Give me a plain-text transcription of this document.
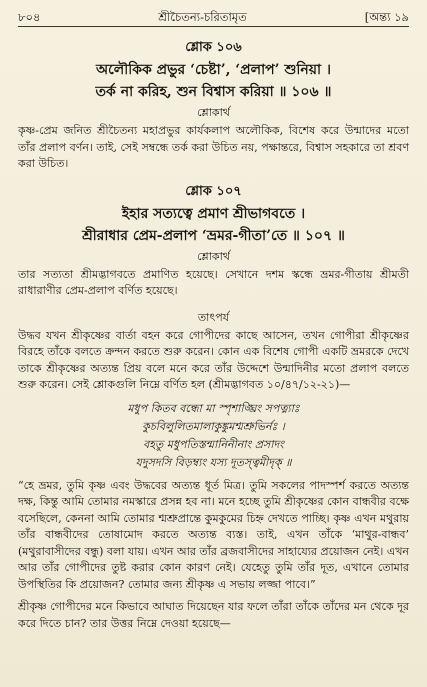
৮০৪	শ্রীচৈতন্য-চরিতামৃত	[অন্ত্য ১৯
শ্লোক ১০৬
অলৌকিক প্রভুর ‘চেষ্টা’, ‘প্রলাপ’ শুনিয়া ।
তর্ক না করিহ, শুন বিশ্বাস করিয়া ॥ ১০৬ ॥
শ্লোকার্থ
কৃষ্ণ-প্রেম জনিত শ্রীচৈতন্য মহাপ্রভুর কার্যকলাপ অলৌকিক, বিশেষ করে উন্মাদের মতো তাঁর প্রলাপ বর্ণন। তাই, সেই সম্বন্ধে তর্ক করা উচিত নয়, পক্ষান্তরে, বিশ্বাস সহকারে তা শ্রবণ করা উচিত।
শ্লোক ১০৭
ইহার সত্যত্বে প্রমাণ শ্রীভাগবতে ।
শ্রীরাধার প্রেম-প্রলাপ ‘ভ্রমর-গীতা’তে ॥ ১০৭ ॥
শ্লোকার্থ
তার সত্যতা শ্রীমদ্ভাগবতে প্রমাণিত হয়েছে। সেখানে দশম স্কন্ধে ভ্রমর-গীতায় শ্রীমতী রাধারাণীর প্রেম-প্রলাপ বর্ণিত হয়েছে।
তাৎপর্য
উদ্ধব যখন শ্রীকৃষ্ণের বার্তা বহন করে গোপীদের কাছে আসেন, তখন গোপীরা শ্রীকৃষ্ণের বিরহে তাঁকে বলতে ক্রন্দন করতে শুরু করেন। কোন এক বিশেষ গোপী একটি ভ্রমরকে দেখে তাকে শ্রীকৃষ্ণের অত্যন্ত প্রিয় বলে মনে করে তাঁর উদ্দেশে উন্মাদিনীর মতো প্রলাপ বলতে শুরু করেন। সেই শ্লোকগুলি নিম্নে বর্ণিত হল (শ্রীমদ্ভাগবত ১০/৪৭/১২-২১)—
মধুপ কিতব বন্ধো মা স্পৃশাঙ্ঘ্রিং সপত্ন্যাঃ
কুচবিলুলিতমালাকুঙ্কুমশ্মশ্রুভির্নঃ ।
বহতু মধুপতিস্তন্মানিনীনাং প্রসাদং
যদুসদসি বিড়ম্ব্যং যস্য দূতস্ত্বমীদৃক্ ॥
“হে ভ্রমর, তুমি কৃষ্ণ এবং উদ্ধবের অত্যন্ত ধূর্ত মিত্র। তুমি সকলের পাদস্পর্শ করতে অত্যন্ত দক্ষ, কিন্তু আমি তোমার নমস্কারে প্রসন্ন হব না। মনে হচ্ছে তুমি শ্রীকৃষ্ণের কোন বান্ধবীর বক্ষে বসেছিলে, কেননা আমি তোমার শ্মশ্রুপ্রান্তে কুমকুমের চিহ্ন দেখতে পাচ্ছি। কৃষ্ণ এখন মথুরায় তাঁর বান্ধবীদের তোষামোদ করতে অত্যন্ত ব্যস্ত। তাই, এখন তাঁকে ‘মাথুর-বান্ধব’ (মথুরাবাসীদের বন্ধু) বলা যায়। এখন আর তাঁর ব্রজবাসীদের সাহায্যের প্রয়োজন নেই। এখন আর তাঁর গোপীদের তুষ্ট করার কোন কারণ নেই। যেহেতু তুমি তাঁর দূত, এখানে তোমার উপস্থিতির কি প্রয়োজন? তোমার জন্য শ্রীকৃষ্ণ এ সভায় লজ্জা পাবে।”
শ্রীকৃষ্ণ গোপীদের মনে কিভাবে আঘাত দিয়েছেন যার ফলে তাঁরা তাঁকে তাঁদের মন থেকে দূর করে দিতে চান? তার উত্তর নিম্নে দেওয়া হয়েছে—
